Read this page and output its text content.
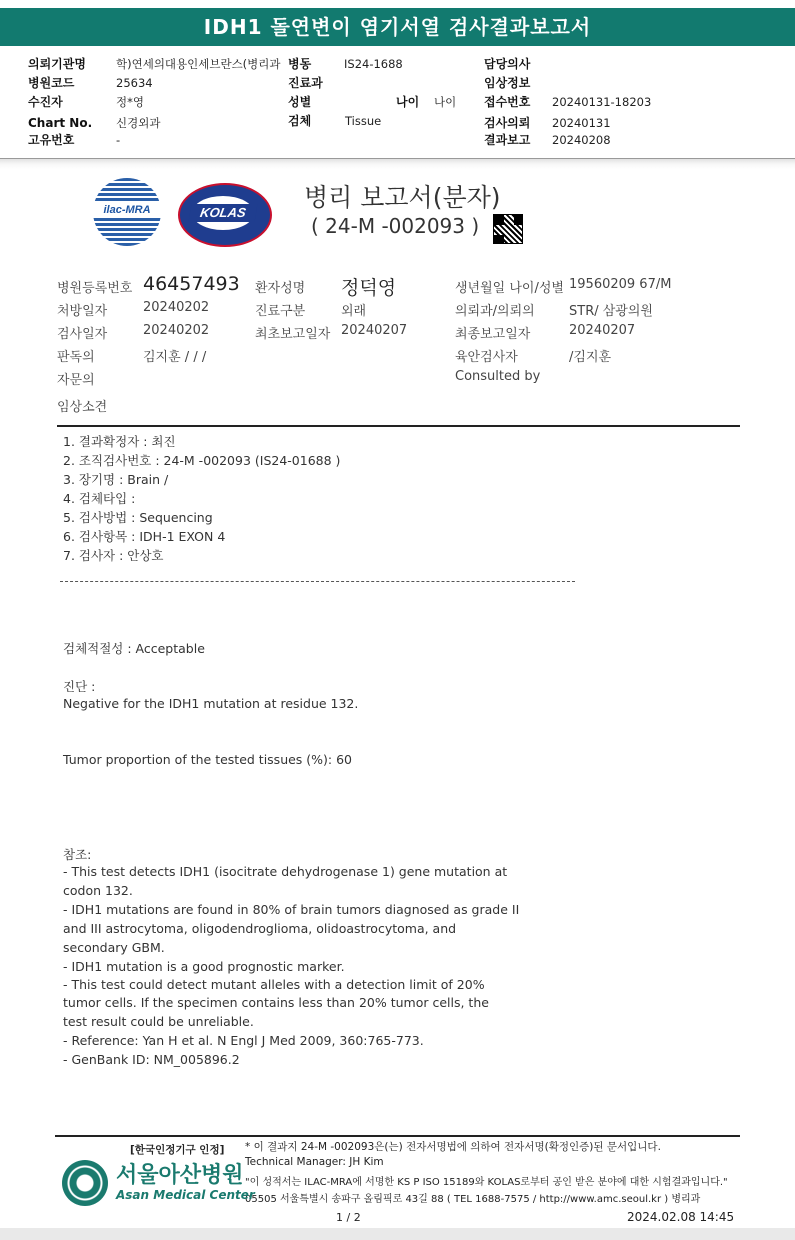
IDH1 돌연변이 염기서열 검사결과보고서
의뢰기관명	학)연세의대용인세브란스(병리과 병동	IS24-1688	담당의사
병원코드	25634	진료과	임상정보
수진자	정*영	성별	나이 나이 접수번호 20240131-18203
Chart No. 신경외과	검체	Tissue	검사의뢰 20240131
고유번호	-	결과보고 20240208
ilac-MRA	KOLAS
병리 보고서(분자)
( 24-M -002093 )
병원등록번호 46457493 환자성명 정덕영	생년월일 나이/성별 19560209 67/M
처방일자	20240202	진료구분	외래	의뢰과/의뢰의	STR/ 삼광의원
검사일자	20240202	최초보고일자 20240207	최종보고일자	20240207
판독의	김지훈 / / /	육안검사자	/김지훈
자문의	Consulted by
임상소견
1. 결과확정자 : 최진
2. 조직검사번호 : 24-M -002093 (IS24-01688 )
3. 장기명 : Brain /
4. 검체타입 :
5. 검사방법 : Sequencing
6. 검사항목 : IDH-1 EXON 4
7. 검사자 : 안상호
검체적절성 : Acceptable
진단 :
Negative for the IDH1 mutation at residue 132.
Tumor proportion of the tested tissues (%): 60
참조:
- This test detects IDH1 (isocitrate dehydrogenase 1) gene mutation at
codon 132.
- IDH1 mutations are found in 80% of brain tumors diagnosed as grade II
and III astrocytoma, oligodendroglioma, olidoastrocytoma, and
secondary GBM.
- IDH1 mutation is a good prognostic marker.
- This test could detect mutant alleles with a detection limit of 20%
tumor cells. If the specimen contains less than 20% tumor cells, the
test result could be unreliable.
- Reference: Yan H et al. N Engl J Med 2009, 360:765-773.
- GenBank ID: NM_005896.2
[한국인정기구 인정] * 이 결과지 24-M -002093은(는) 전자서명법에 의하여 전자서명(확정인증)된 문서입니다.
Technical Manager: JH Kim
"이 성적서는 ILAC-MRA에 서명한 KS P ISO 15189와 KOLAS로부터 공인 받은 분야에 대한 시험결과입니다."
05505 서울특별시 송파구 올림픽로 43길 88 ( TEL 1688-7575 / http://www.amc.seoul.kr ) 병리과
서울아산병원
Asan Medical Center
1 / 2	2024.02.08 14:45
